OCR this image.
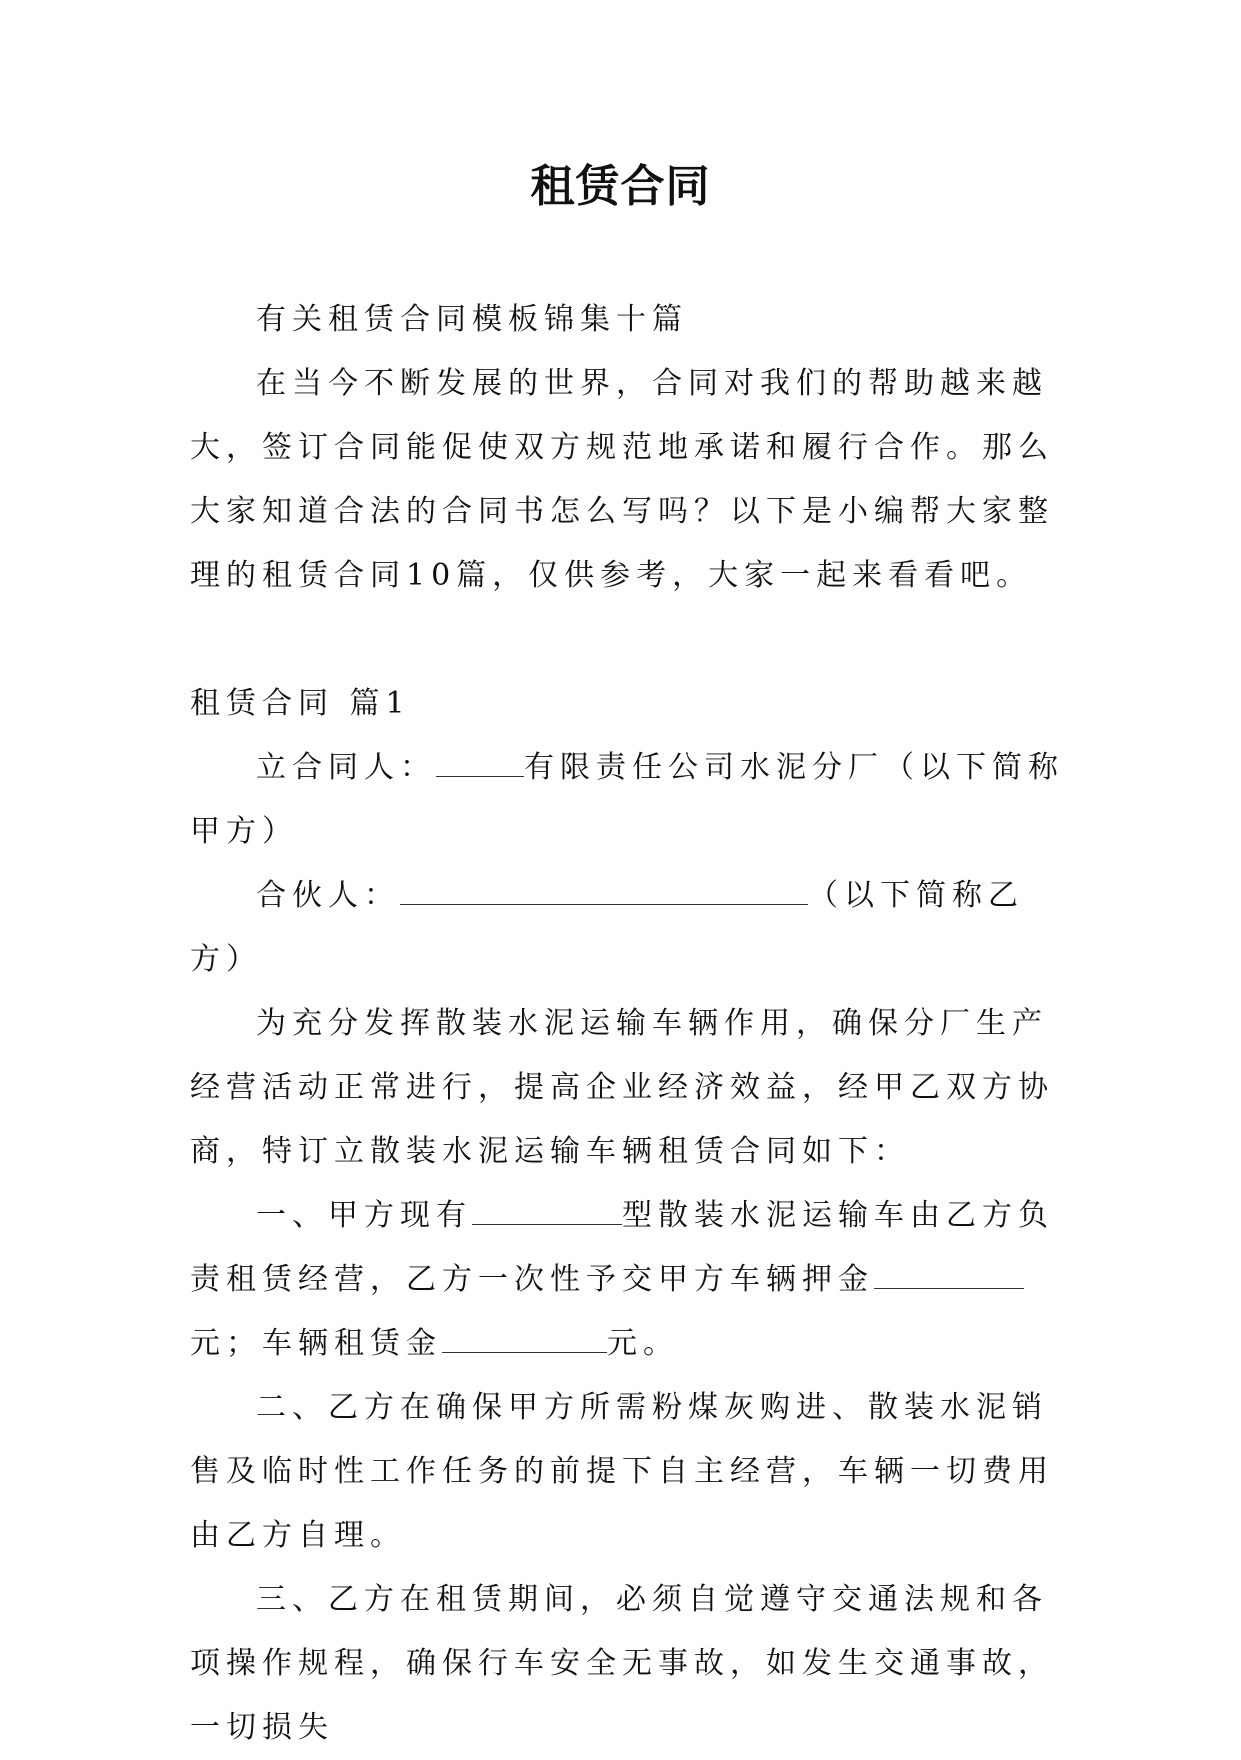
租赁合同

有关租赁合同模板锦集十篇

在当今不断发展的世界，合同对我们的帮助越来越大，签订合同能促使双方规范地承诺和履行合作。那么大家知道合法的合同书怎么写吗？以下是小编帮大家整理的租赁合同10篇，仅供参考，大家一起来看看吧。

租赁合同 篇1

立合同人：	有限责任公司水泥分厂（以下简称甲方）

合伙人：	（以下简称乙方）

为充分发挥散装水泥运输车辆作用，确保分厂生产经营活动正常进行，提高企业经济效益，经甲乙双方协商，特订立散装水泥运输车辆租赁合同如下：

一、甲方现有	型散装水泥运输车由乙方负责租赁经营，乙方一次性予交甲方车辆押金元；车辆租赁金	元。

二、乙方在确保甲方所需粉煤灰购进、散装水泥销售及临时性工作任务的前提下自主经营，车辆一切费用由乙方自理。

三、乙方在租赁期间，必须自觉遵守交通法规和各项操作规程，确保行车安全无事故，如发生交通事故，一切损失
